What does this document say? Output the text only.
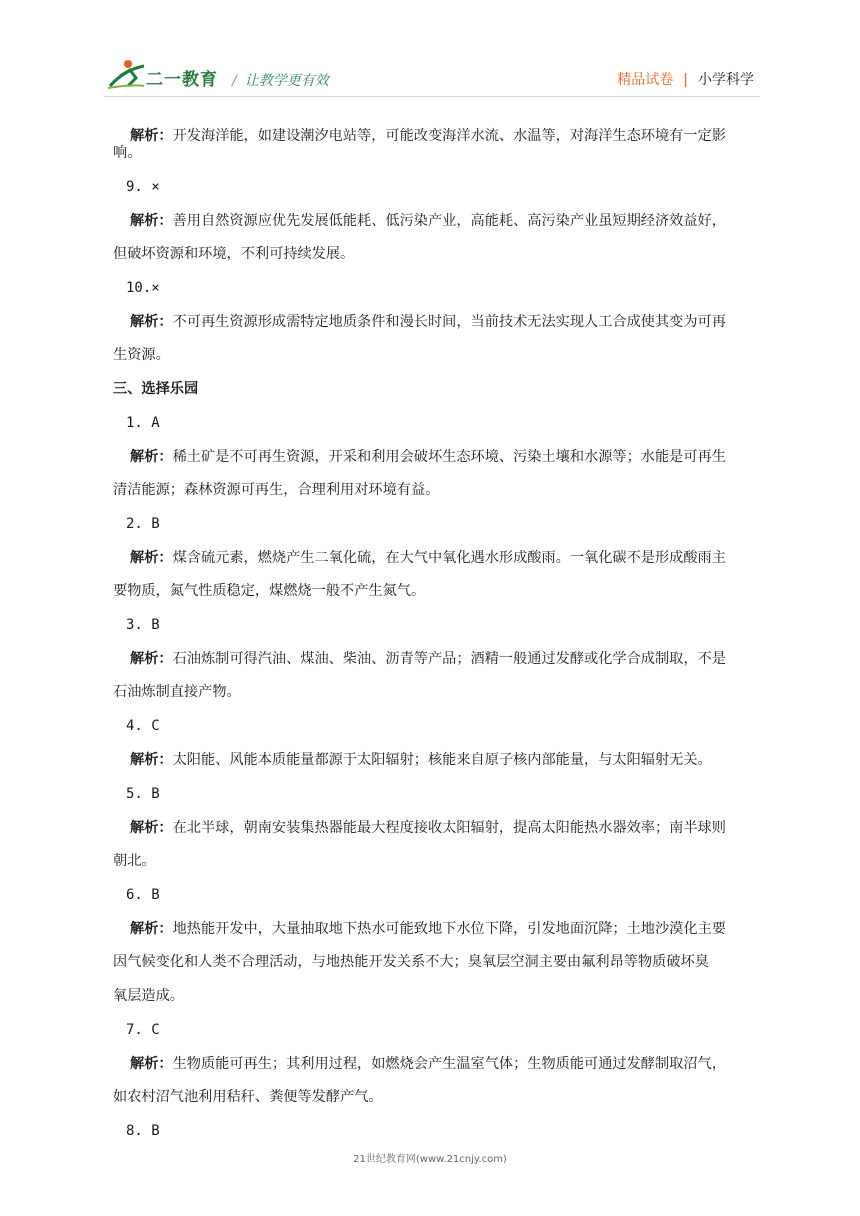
二一教育 / 让教学更有效	精品试卷 | 小学科学
解析：开发海洋能，如建设潮汐电站等，可能改变海洋水流、水温等，对海洋生态环境有一定影
响。
9. ×
解析：善用自然资源应优先发展低能耗、低污染产业，高能耗、高污染产业虽短期经济效益好，
但破坏资源和环境，不利可持续发展。
10.×
解析：不可再生资源形成需特定地质条件和漫长时间，当前技术无法实现人工合成使其变为可再
生资源。
三、选择乐园
1. A
解析：稀土矿是不可再生资源，开采和利用会破坏生态环境、污染土壤和水源等；水能是可再生
清洁能源；森林资源可再生，合理利用对环境有益。
2. B
解析：煤含硫元素，燃烧产生二氧化硫，在大气中氧化遇水形成酸雨。一氧化碳不是形成酸雨主
要物质，氮气性质稳定，煤燃烧一般不产生氮气。
3. B
解析：石油炼制可得汽油、煤油、柴油、沥青等产品；酒精一般通过发酵或化学合成制取，不是
石油炼制直接产物。
4. C
解析：太阳能、风能本质能量都源于太阳辐射；核能来自原子核内部能量，与太阳辐射无关。
5. B
解析：在北半球，朝南安装集热器能最大程度接收太阳辐射，提高太阳能热水器效率；南半球则
朝北。
6. B
解析：地热能开发中，大量抽取地下热水可能致地下水位下降，引发地面沉降；土地沙漠化主要
因气候变化和人类不合理活动，与地热能开发关系不大；臭氧层空洞主要由氟利昂等物质破坏臭
氧层造成。
7. C
解析：生物质能可再生；其利用过程，如燃烧会产生温室气体；生物质能可通过发酵制取沼气，
如农村沼气池利用秸秆、粪便等发酵产气。
8. B
21世纪教育网(www.21cnjy.com)
